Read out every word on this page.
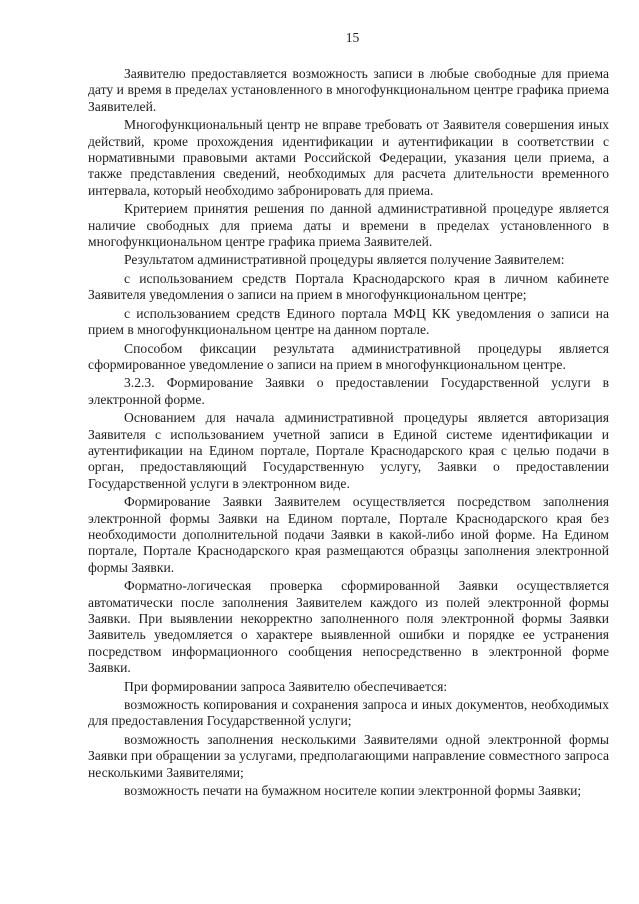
15

Заявителю предоставляется возможность записи в любые свободные для приема дату и время в пределах установленного в многофункциональном центре графика приема Заявителей.

Многофункциональный центр не вправе требовать от Заявителя совершения иных действий, кроме прохождения идентификации и аутентификации в соответствии с нормативными правовыми актами Российской Федерации, указания цели приема, а также представления сведений, необходимых для расчета длительности временного интервала, который необходимо забронировать для приема.

Критерием принятия решения по данной административной процедуре является наличие свободных для приема даты и времени в пределах установленного в многофункциональном центре графика приема Заявителей.

Результатом административной процедуры является получение Заявителем:

с использованием средств Портала Краснодарского края в личном кабинете Заявителя уведомления о записи на прием в многофункциональном центре;

с использованием средств Единого портала МФЦ КК уведомления о записи на прием в многофункциональном центре на данном портале.

Способом фиксации результата административной процедуры является сформированное уведомление о записи на прием в многофункциональном центре.

3.2.3. Формирование Заявки о предоставлении Государственной услуги в электронной форме.

Основанием для начала административной процедуры является авторизация Заявителя с использованием учетной записи в Единой системе идентификации и аутентификации на Едином портале, Портале Краснодарского края с целью подачи в орган, предоставляющий Государственную услугу, Заявки о предоставлении Государственной услуги в электронном виде.

Формирование Заявки Заявителем осуществляется посредством заполнения электронной формы Заявки на Едином портале, Портале Краснодарского края без необходимости дополнительной подачи Заявки в какой-либо иной форме. На Едином портале, Портале Краснодарского края размещаются образцы заполнения электронной формы Заявки.

Форматно-логическая проверка сформированной Заявки осуществляется автоматически после заполнения Заявителем каждого из полей электронной формы Заявки. При выявлении некорректно заполненного поля электронной формы Заявки Заявитель уведомляется о характере выявленной ошибки и порядке ее устранения посредством информационного сообщения непосредственно в электронной форме Заявки.

При формировании запроса Заявителю обеспечивается:

возможность копирования и сохранения запроса и иных документов, необходимых для предоставления Государственной услуги;

возможность заполнения несколькими Заявителями одной электронной формы Заявки при обращении за услугами, предполагающими направление совместного запроса несколькими Заявителями;

возможность печати на бумажном носителе копии электронной формы Заявки;
